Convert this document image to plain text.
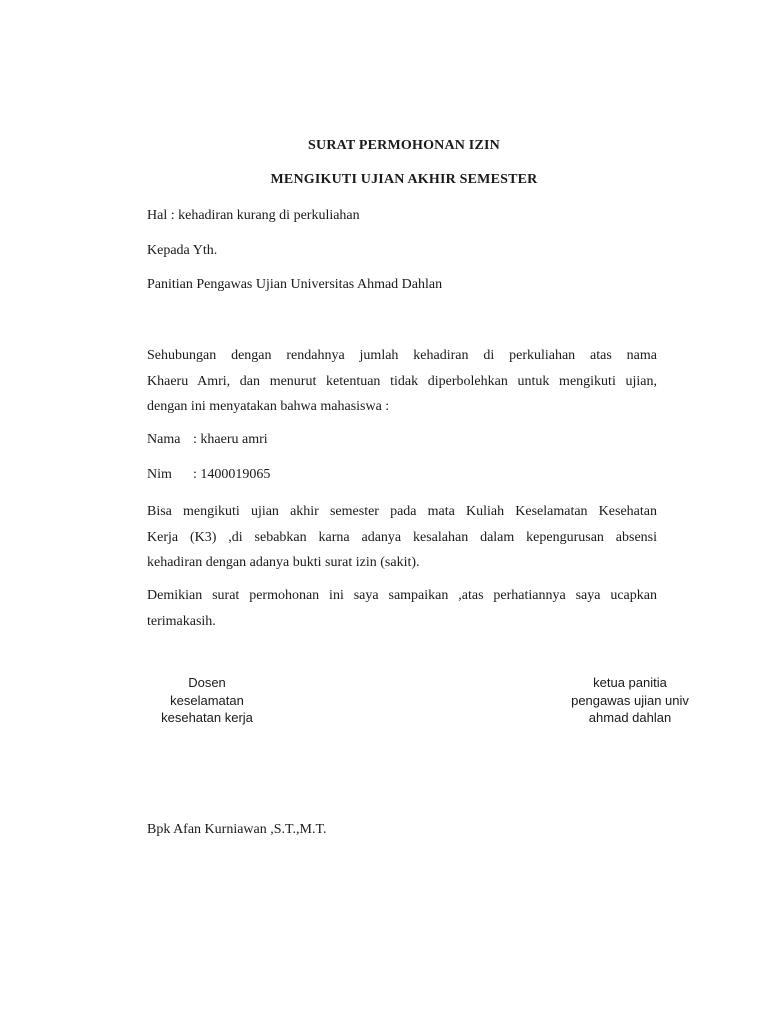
SURAT PERMOHONAN IZIN
MENGIKUTI UJIAN AKHIR SEMESTER
Hal : kehadiran kurang di perkuliahan
Kepada Yth.
Panitian Pengawas Ujian Universitas Ahmad Dahlan
Sehubungan dengan rendahnya jumlah kehadiran di perkuliahan atas nama
Khaeru Amri, dan menurut ketentuan tidak diperbolehkan untuk mengikuti ujian,
dengan ini menyatakan bahwa mahasiswa :
Nama : khaeru amri
Nim : 1400019065
Bisa mengikuti ujian akhir semester pada mata Kuliah Keselamatan Kesehatan
Kerja (K3) ,di sebabkan karna adanya kesalahan dalam kepengurusan absensi
kehadiran dengan adanya bukti surat izin (sakit).
Demikian surat permohonan ini saya sampaikan ,atas perhatiannya saya ucapkan
terimakasih.
Dosen
keselamatan
kesehatan kerja
ketua panitia
pengawas ujian univ
ahmad dahlan
Bpk Afan Kurniawan ,S.T.,M.T.
